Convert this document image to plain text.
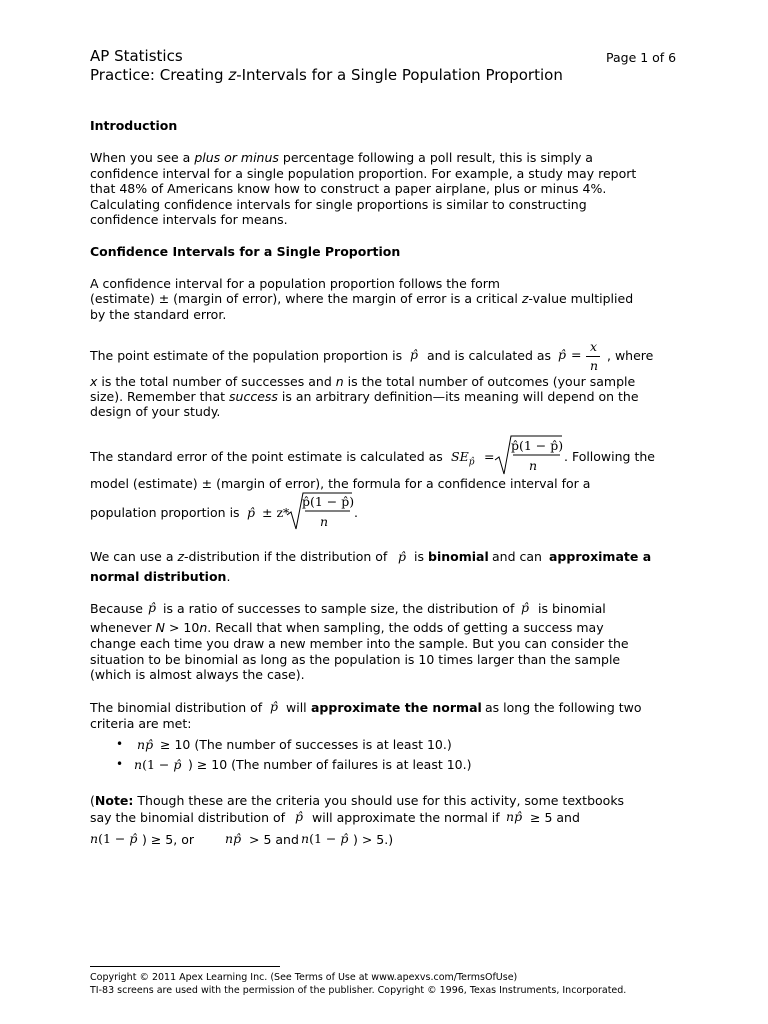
AP Statistics	Page 1 of 6
Practice: Creating z-Intervals for a Single Population Proportion
Introduction
When you see a plus or minus percentage following a poll result, this is simply a
confidence interval for a single population proportion. For example, a study may report
that 48% of Americans know how to construct a paper airplane, plus or minus 4%.
Calculating confidence intervals for single proportions is similar to constructing
confidence intervals for means.
Confidence Intervals for a Single Proportion
A confidence interval for a population proportion follows the form
(estimate) ± (margin of error), where the margin of error is a critical z-value multiplied
by the standard error.
The point estimate of the population proportion is p̂ and is calculated as p̂ =
x
n
, where
x is the total number of successes and n is the total number of outcomes (your sample
size). Remember that success is an arbitrary definition—its meaning will depend on the
design of your study.
The standard error of the point estimate is calculated as $SE_{p̂}$ =
p̂(1 − p̂)
n
. Following the
model (estimate) ± (margin of error), the formula for a confidence interval for a
population proportion is p̂ ± z*
p̂(1 − p̂)
n
.
We can use a z-distribution if the distribution of p̂ is binomial and can approximate a
normal distribution.
Because p̂ is a ratio of successes to sample size, the distribution of p̂ is binomial
whenever N > 10n. Recall that when sampling, the odds of getting a success may
change each time you draw a new member into the sample. But you can consider the
situation to be binomial as long as the population is 10 times larger than the sample
(which is almost always the case).
The binomial distribution of p̂ will approximate the normal as long the following two
criteria are met:
• np̂ ≥ 10 (The number of successes is at least 10.)
• n(1 − p̂ ) ≥ 10 (The number of failures is at least 10.)
(Note: Though these are the criteria you should use for this activity, some textbooks
say the binomial distribution of p̂ will approximate the normal if np̂ ≥ 5 and
n(1 − p̂ ) ≥ 5, or np̂ > 5 and n(1 − p̂ ) > 5.)
Copyright © 2011 Apex Learning Inc. (See Terms of Use at www.apexvs.com/TermsOfUse)
TI-83 screens are used with the permission of the publisher. Copyright © 1996, Texas Instruments, Incorporated.
